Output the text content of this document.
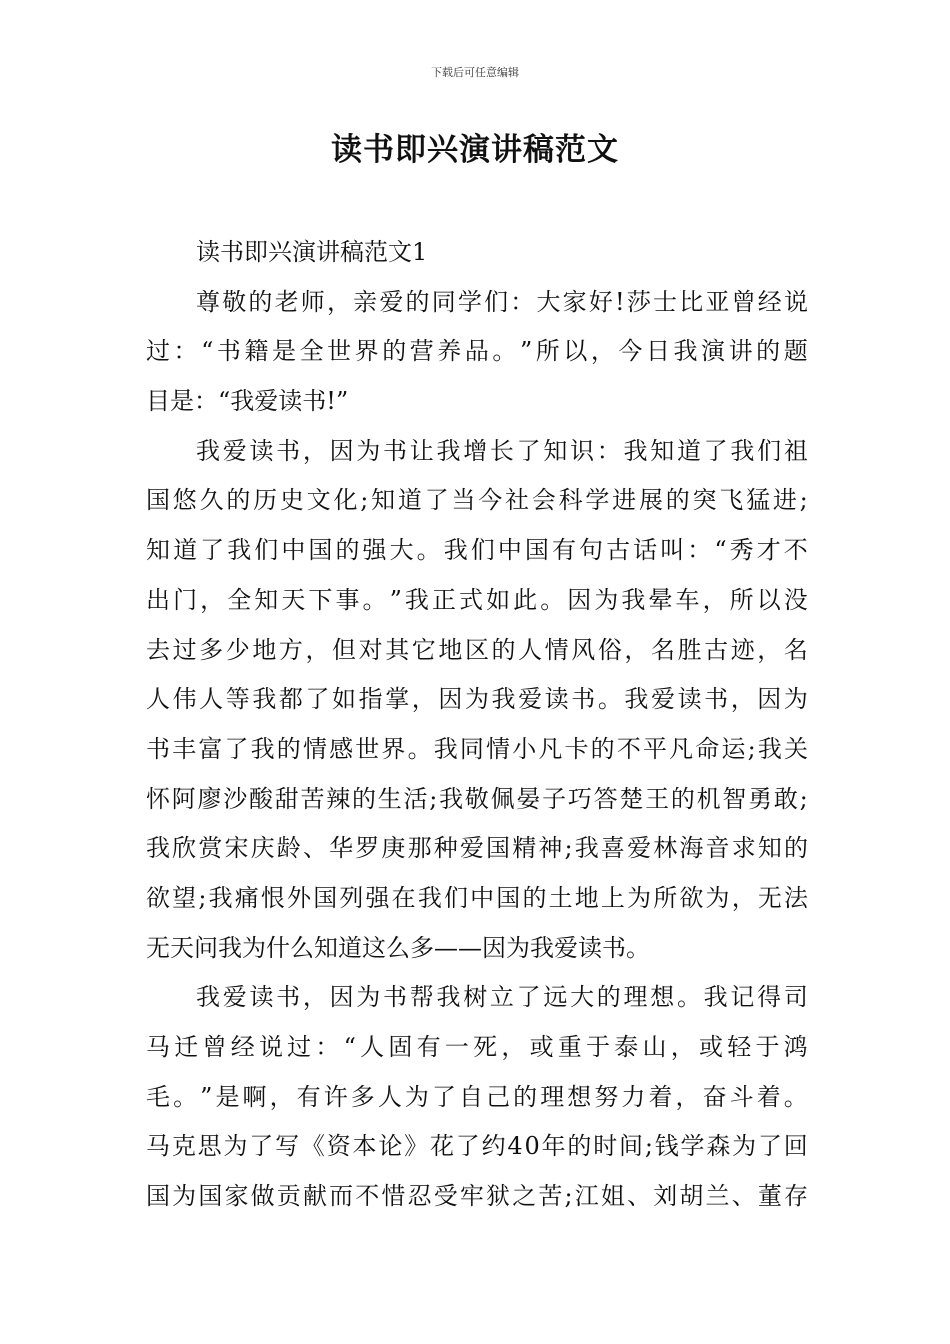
下载后可任意编辑
读书即兴演讲稿范文
读 书 即 兴 演 讲 稿 范 文 1
尊 敬 的 老 师 ， 亲 爱 的 同 学 们 ： 大 家 好 ! 莎 士 比 亚 曾 经 说
过 ： “ 书 籍 是 全 世 界 的 营 养 品 。 ” 所 以 ， 今 日 我 演 讲 的 题
目 是 ： “ 我 爱 读 书 ! ”
我 爱 读 书 ， 因 为 书 让 我 增 长 了 知 识 ： 我 知 道 了 我 们 祖
国 悠 久 的 历 史 文 化 ; 知 道 了 当 今 社 会 科 学 进 展 的 突 飞 猛 进 ;
知 道 了 我 们 中 国 的 强 大 。 我 们 中 国 有 句 古 话 叫 ： “ 秀 才 不
出 门 ， 全 知 天 下 事 。 ” 我 正 式 如 此 。 因 为 我 晕 车 ， 所 以 没
去 过 多 少 地 方 ， 但 对 其 它 地 区 的 人 情 风 俗 ， 名 胜 古 迹 ， 名
人 伟 人 等 我 都 了 如 指 掌 ， 因 为 我 爱 读 书 。 我 爱 读 书 ， 因 为
书 丰 富 了 我 的 情 感 世 界 。 我 同 情 小 凡 卡 的 不 平 凡 命 运 ; 我 关
怀 阿 廖 沙 酸 甜 苦 辣 的 生 活 ; 我 敬 佩 晏 子 巧 答 楚 王 的 机 智 勇 敢 ;
我 欣 赏 宋 庆 龄 、 华 罗 庚 那 种 爱 国 精 神 ; 我 喜 爱 林 海 音 求 知 的
欲 望 ; 我 痛 恨 外 国 列 强 在 我 们 中 国 的 土 地 上 为 所 欲 为 ， 无 法
无 天 问 我 为 什 么 知 道 这 么 多 — — 因 为 我 爱 读 书 。
我 爱 读 书 ， 因 为 书 帮 我 树 立 了 远 大 的 理 想 。 我 记 得 司
马 迁 曾 经 说 过 ： “ 人 固 有 一 死 ， 或 重 于 泰 山 ， 或 轻 于 鸿
毛 。 ” 是 啊 ， 有 许 多 人 为 了 自 己 的 理 想 努 力 着 ， 奋 斗 着 。
马 克 思 为 了 写 《 资 本 论 》 花 了 约 4 0 年 的 时 间 ; 钱 学 森 为 了 回
国 为 国 家 做 贡 献 而 不 惜 忍 受 牢 狱 之 苦 ; 江 姐 、 刘 胡 兰 、 董 存
